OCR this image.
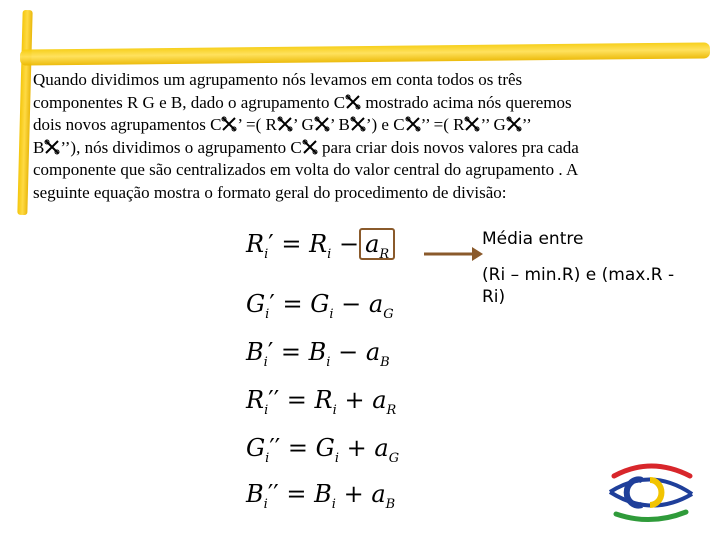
Quando dividimos um agrupamento nós levamos em conta todos os três
componentes R G e B, dado o agrupamento C mostrado acima nós queremos
dois novos agrupamentos C ’ =( R ’ G ’ B ’) e C ’’ =( R ’’ G ’’
B ’’), nós dividimos o agrupamento C para criar dois novos valores pra cada
componente que são centralizados em volta do valor central do agrupamento . A
seguinte equação mostra o formato geral do procedimento de divisão:
$R_i' = R_i - a_R$
$G_i' = G_i - a_G$
$B_i' = B_i - a_B$
$R_i'' = R_i + a_R$
$G_i'' = G_i + a_G$
$B_i'' = B_i + a_B$
Média entre
(Ri – min.R) e (max.R -
Ri)
